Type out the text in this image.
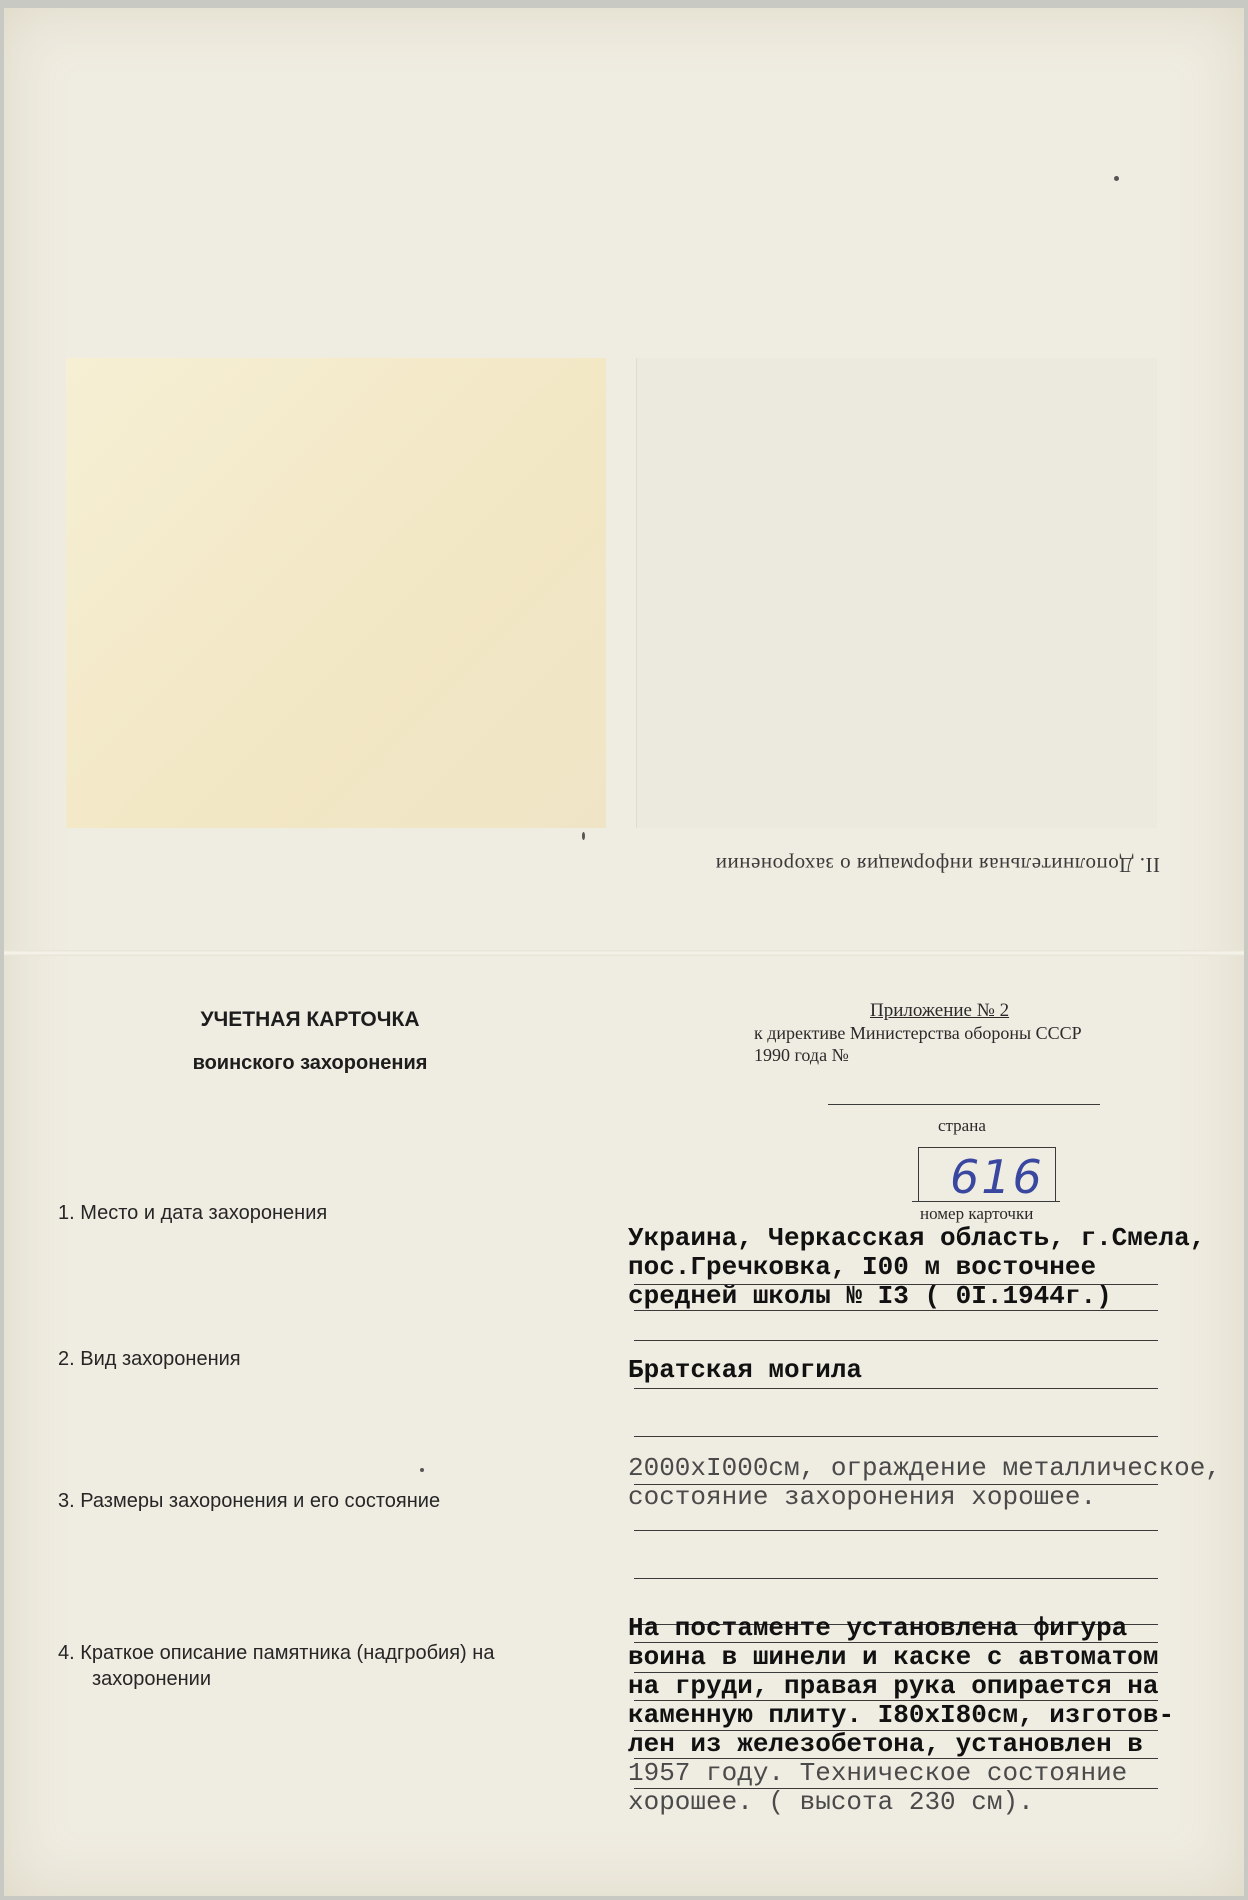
II. Дополнительная информация о захоронении
УЧЕТНАЯ КАРТОЧКА
воинского захоронения
Приложение № 2
к директиве Министерства обороны СССР
1990 года №
страна
616
номер карточки
1. Место и дата захоронения
Украина, Черкасская область, г.Смела,
пос.Гречковка, I00 м восточнее
средней школы № I3 ( 0I.1944г.)
2. Вид захоронения	Братская могила
3. Размеры захоронения и его состояние
2000xI000см, ограждение металлическое,
состояние захоронения хорошее.
4. Краткое описание памятника (надгробия) на
захоронении
На постаменте установлена фигура
воина в шинели и каске с автоматом
на груди, правая рука опирается на
каменную плиту. I80xI80см, изготов-
лен из железобетона, установлен в
1957 году. Техническое состояние
хорошее. ( высота 230 см).
